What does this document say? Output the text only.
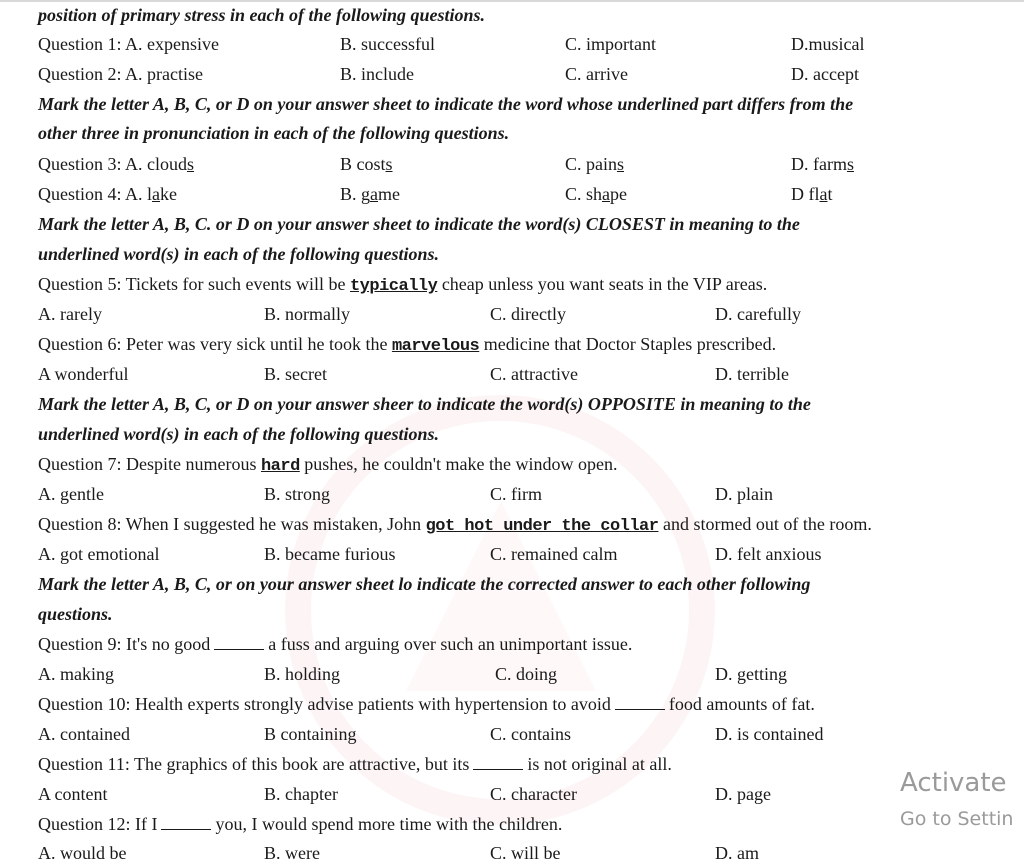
position of primary stress in each of the following questions.
Question 1: A. expensive	B. successful	C. important	D.musical
Question 2: A. practise	B. include	C. arrive	D. accept
Mark the letter A, B, C, or D on your answer sheet to indicate the word whose underlined part differs from the
other three in pronunciation in each of the following questions.
Question 3: A. clouds	B costs	C. pains	D. farms
Question 4: A. lake	B. game	C. shape	D flat
Mark the letter A, B, C. or D on your answer sheet to indicate the word(s) CLOSEST in meaning to the
underlined word(s) in each of the following questions.
Question 5: Tickets for such events will be typically cheap unless you want seats in the VIP areas.
A. rarely	B. normally	C. directly	D. carefully
Question 6: Peter was very sick until he took the marvelous medicine that Doctor Staples prescribed.
A wonderful	B. secret	C. attractive	D. terrible
Mark the letter A, B, C, or D on your answer sheer to indicate the word(s) OPPOSITE in meaning to the
underlined word(s) in each of the following questions.
Question 7: Despite numerous hard pushes, he couldn't make the window open.
A. gentle	B. strong	C. firm	D. plain
Question 8: When I suggested he was mistaken, John got hot under the collar and stormed out of the room.
A. got emotional	B. became furious	C. remained calm	D. felt anxious
Mark the letter A, B, C, or on your answer sheet lo indicate the corrected answer to each other following
questions.
Question 9: It's no good	a fuss and arguing over such an unimportant issue.
A. making	B. holding	C. doing	D. getting
Question 10: Health experts strongly advise patients with hypertension to avoid	food amounts of fat.
A. contained	B containing	C. contains	D. is contained
Question 11: The graphics of this book are attractive, but its	is not original at all.
A content	B. chapter	C. character	D. page
Question 12: If I	you, I would spend more time with the children.
A. would be	B. were	C. will be	D. am
Activate
Go to Settin
